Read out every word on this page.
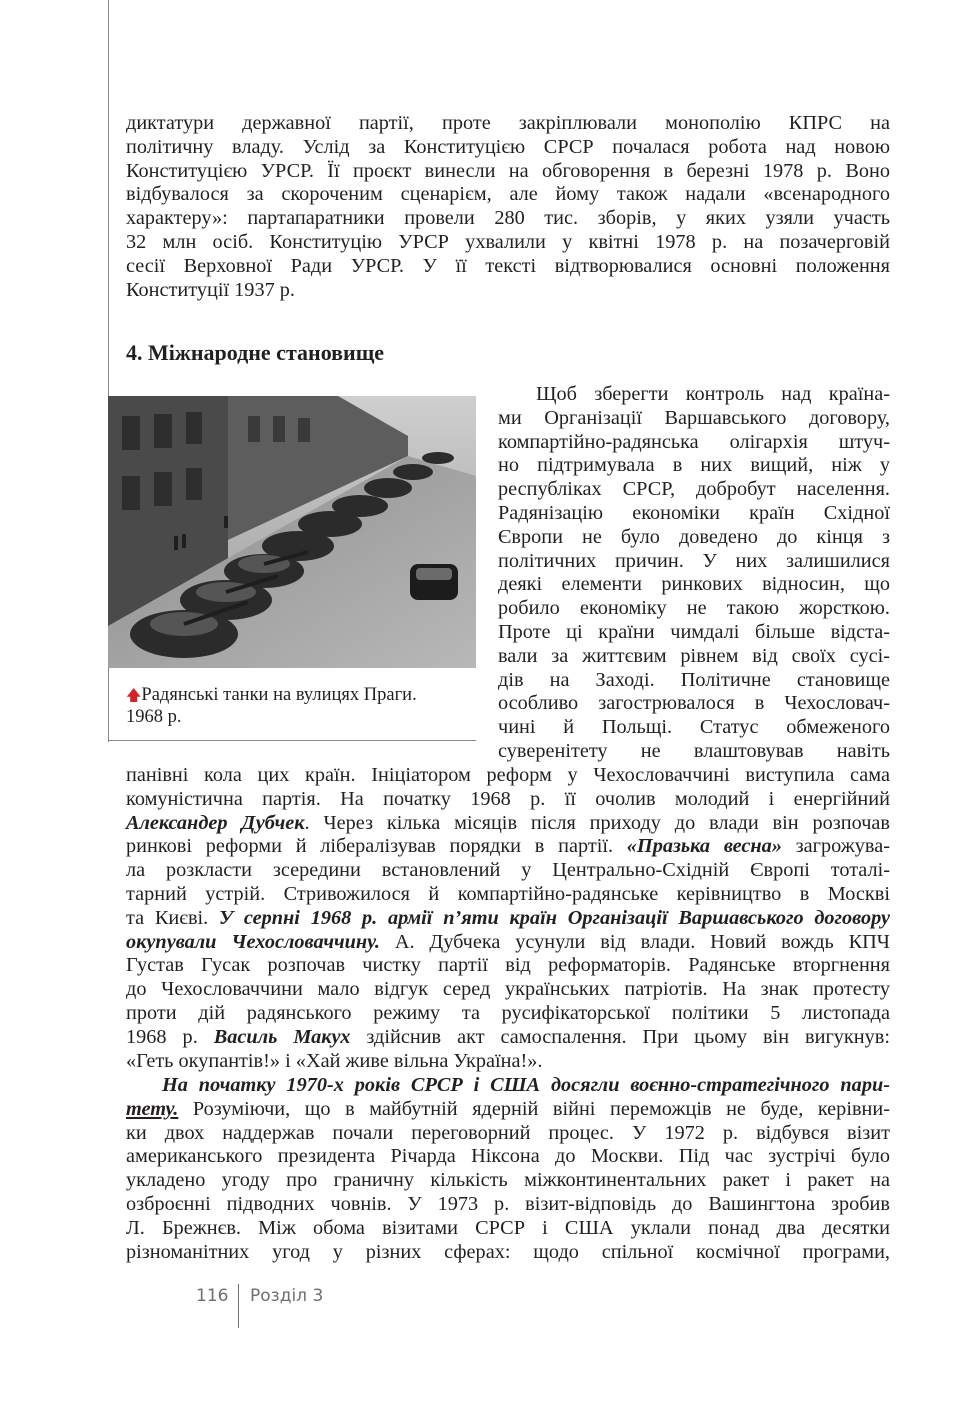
диктатури державної партії, проте закріплювали монополію КПРС на
політичну владу. Услід за Конституцією СРСР почалася робота над новою
Конституцією УРСР. Її проєкт винесли на обговорення в березні 1978 р. Воно
відбувалося за скороченим сценарієм, але йому також надали «всенародного
характеру»: партапаратники провели 280 тис. зборів, у яких узяли участь
32 млн осіб. Конституцію УРСР ухвалили у квітні 1978 р. на позачерговій
сесії Верховної Ради УРСР. У її тексті відтворювалися основні положення
Конституції 1937 р.
4. Міжнародне становище
🡅Радянські танки на вулицях Праги.
1968 р.
Щоб зберегти контроль над країна-
ми Організації Варшавського договору,
компартійно-радянська олігархія штуч-
но підтримувала в них вищий, ніж у
республіках СРСР, добробут населення.
Радянізацію економіки країн Східної
Європи не було доведено до кінця з
політичних причин. У них залишилися
деякі елементи ринкових відносин, що
робило економіку не такою жорсткою.
Проте ці країни чимдалі більше відста-
вали за життєвим рівнем від своїх сусі-
дів на Заході. Політичне становище
особливо загострювалося в Чехословач-
чині й Польщі. Статус обмеженого
суверенітету не влаштовував навіть
панівні кола цих країн. Ініціатором реформ у Чехословаччині виступила сама
комуністична партія. На початку 1968 р. її очолив молодий і енергійний
Александер Дубчек. Через кілька місяців після приходу до влади він розпочав
ринкові реформи й лібералізував порядки в партії. «Празька весна» загрожува-
ла розкласти зсередини встановлений у Центрально-Східній Європі тоталі-
тарний устрій. Стривожилося й компартійно-радянське керівництво в Москві
та Києві. У серпні 1968 р. армії п’яти країн Організації Варшавського договору
окупували Чехословаччину. А. Дубчека усунули від влади. Новий вождь КПЧ
Густав Гусак розпочав чистку партії від реформаторів. Радянське вторгнення
до Чехословаччини мало відгук серед українських патріотів. На знак протесту
проти дій радянського режиму та русифікаторської політики 5 листопада
1968 р. Василь Макух здійснив акт самоспалення. При цьому він вигукнув:
«Геть окупантів!» і «Хай живе вільна Україна!».
На початку 1970-х років СРСР і США досягли воєнно-стратегічного пари-
тету. Розуміючи, що в майбутній ядерній війні переможців не буде, керівни-
ки двох наддержав почали переговорний процес. У 1972 р. відбувся візит
американського президента Річарда Ніксона до Москви. Під час зустрічі було
укладено угоду про граничну кількість міжконтинентальних ракет і ракет на
озброєнні підводних човнів. У 1973 р. візит-відповідь до Вашингтона зробив
Л. Брежнєв. Між обома візитами СРСР і США уклали понад два десятки
різноманітних угод у різних сферах: щодо спільної космічної програми,
116 Розділ 3
